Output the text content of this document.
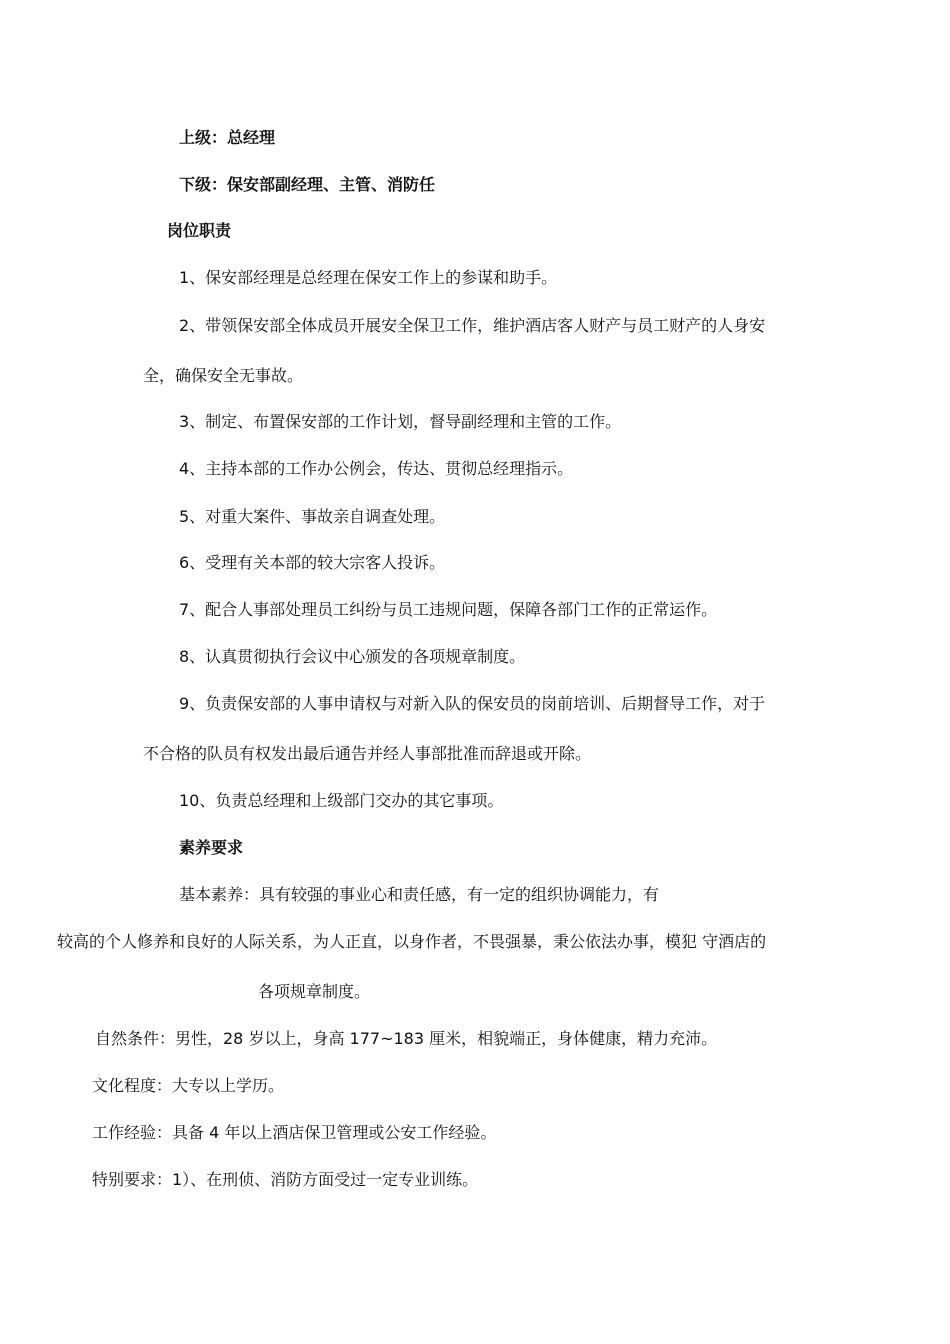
上级：总经理
下级：保安部副经理、主管、消防任
岗位职责
1、保安部经理是总经理在保安工作上的参谋和助手。
2、带领保安部全体成员开展安全保卫工作，维护酒店客人财产与员工财产的人身安
全，确保安全无事故。
3、制定、布置保安部的工作计划，督导副经理和主管的工作。
4、主持本部的工作办公例会，传达、贯彻总经理指示。
5、对重大案件、事故亲自调查处理。
6、受理有关本部的较大宗客人投诉。
7、配合人事部处理员工纠纷与员工违规问题，保障各部门工作的正常运作。
8、认真贯彻执行会议中心颁发的各项规章制度。
9、负责保安部的人事申请权与对新入队的保安员的岗前培训、后期督导工作，对于
不合格的队员有权发出最后通告并经人事部批准而辞退或开除。
10、负责总经理和上级部门交办的其它事项。
素养要求
基本素养：具有较强的事业心和责任感，有一定的组织协调能力，有
较高的个人修养和良好的人际关系，为人正直，以身作者，不畏强暴，秉公依法办事，模犯 守酒店的
各项规章制度。
自然条件：男性，28 岁以上，身高 177~183 厘米，相貌端正，身体健康，精力充沛。
文化程度：大专以上学历。
工作经验：具备 4 年以上酒店保卫管理或公安工作经验。
特别要求：1）、在刑侦、消防方面受过一定专业训练。
